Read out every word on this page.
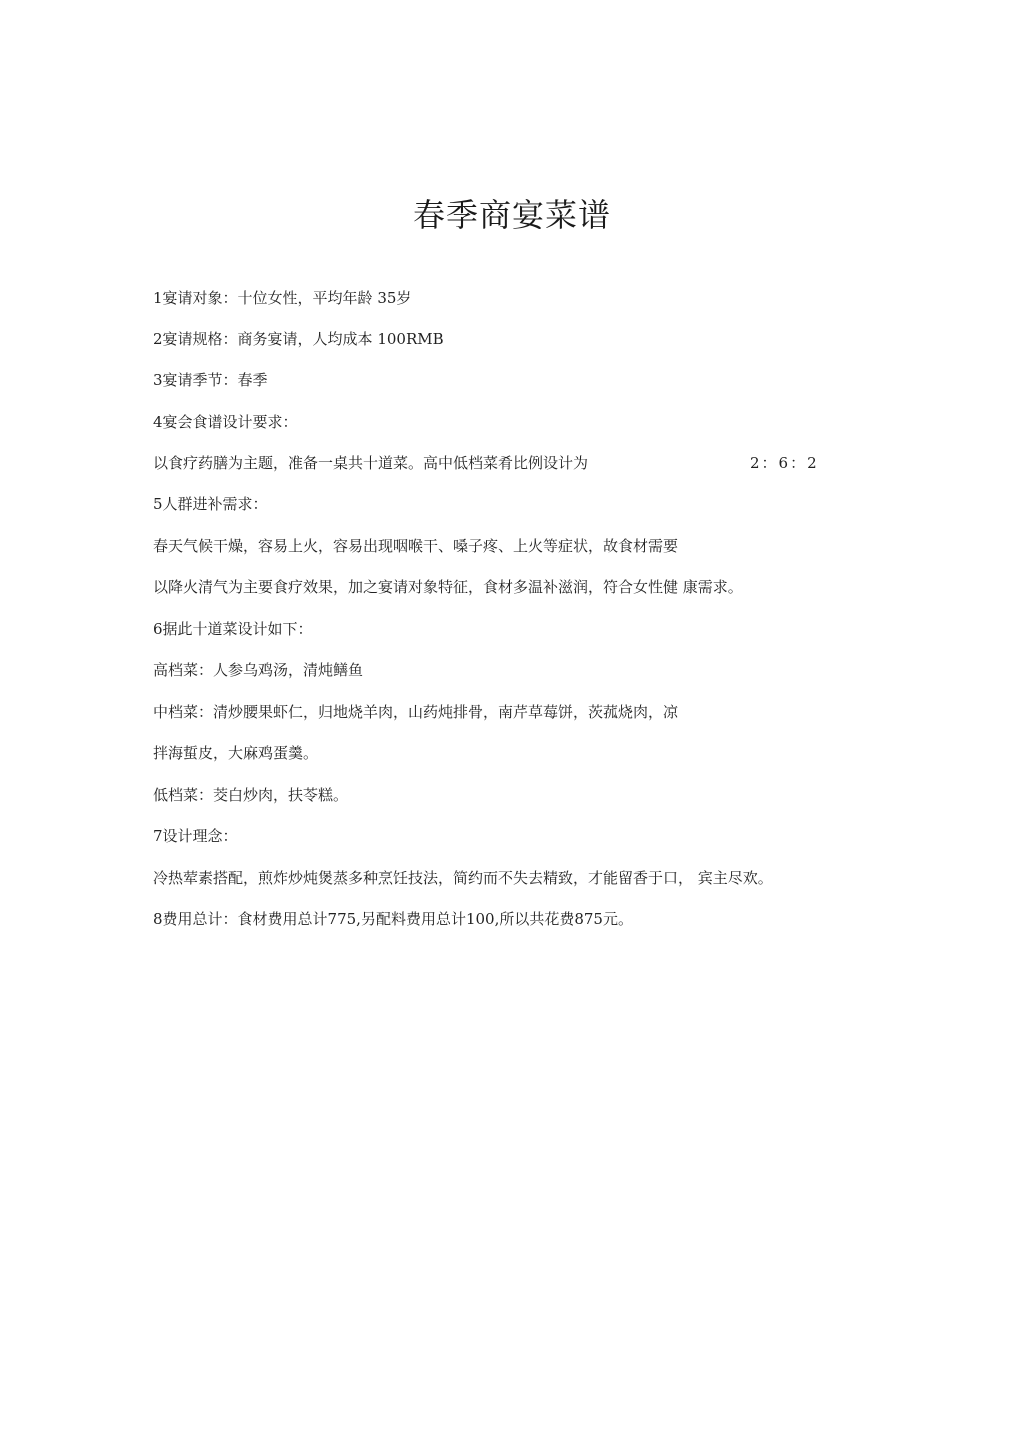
春季商宴菜谱
1宴请对象：十位女性，平均年龄 35岁
2宴请规格：商务宴请，人均成本 100RMB
3宴请季节：春季
4宴会食谱设计要求：
以食疗药膳为主题，准备一桌共十道菜。高中低档菜肴比例设计为	2：6：2
5人群进补需求：
春天气候干燥，容易上火，容易出现咽喉干、嗓子疼、上火等症状，故食材需要
以降火清气为主要食疗效果，加之宴请对象特征，食材多温补滋润，符合女性健 康需求。
6据此十道菜设计如下：
高档菜：人参乌鸡汤，清炖鳝鱼
中档菜：清炒腰果虾仁，归地烧羊肉，山药炖排骨，南芹草莓饼，茨菰烧肉，凉
拌海蜇皮，大麻鸡蛋羹。
低档菜：茭白炒肉，扶苓糕。
7设计理念：
冷热荤素搭配，煎炸炒炖煲蒸多种烹饪技法，简约而不失去精致，才能留香于口， 宾主尽欢。
8费用总计：食材费用总计775,另配料费用总计100,所以共花费875元。
